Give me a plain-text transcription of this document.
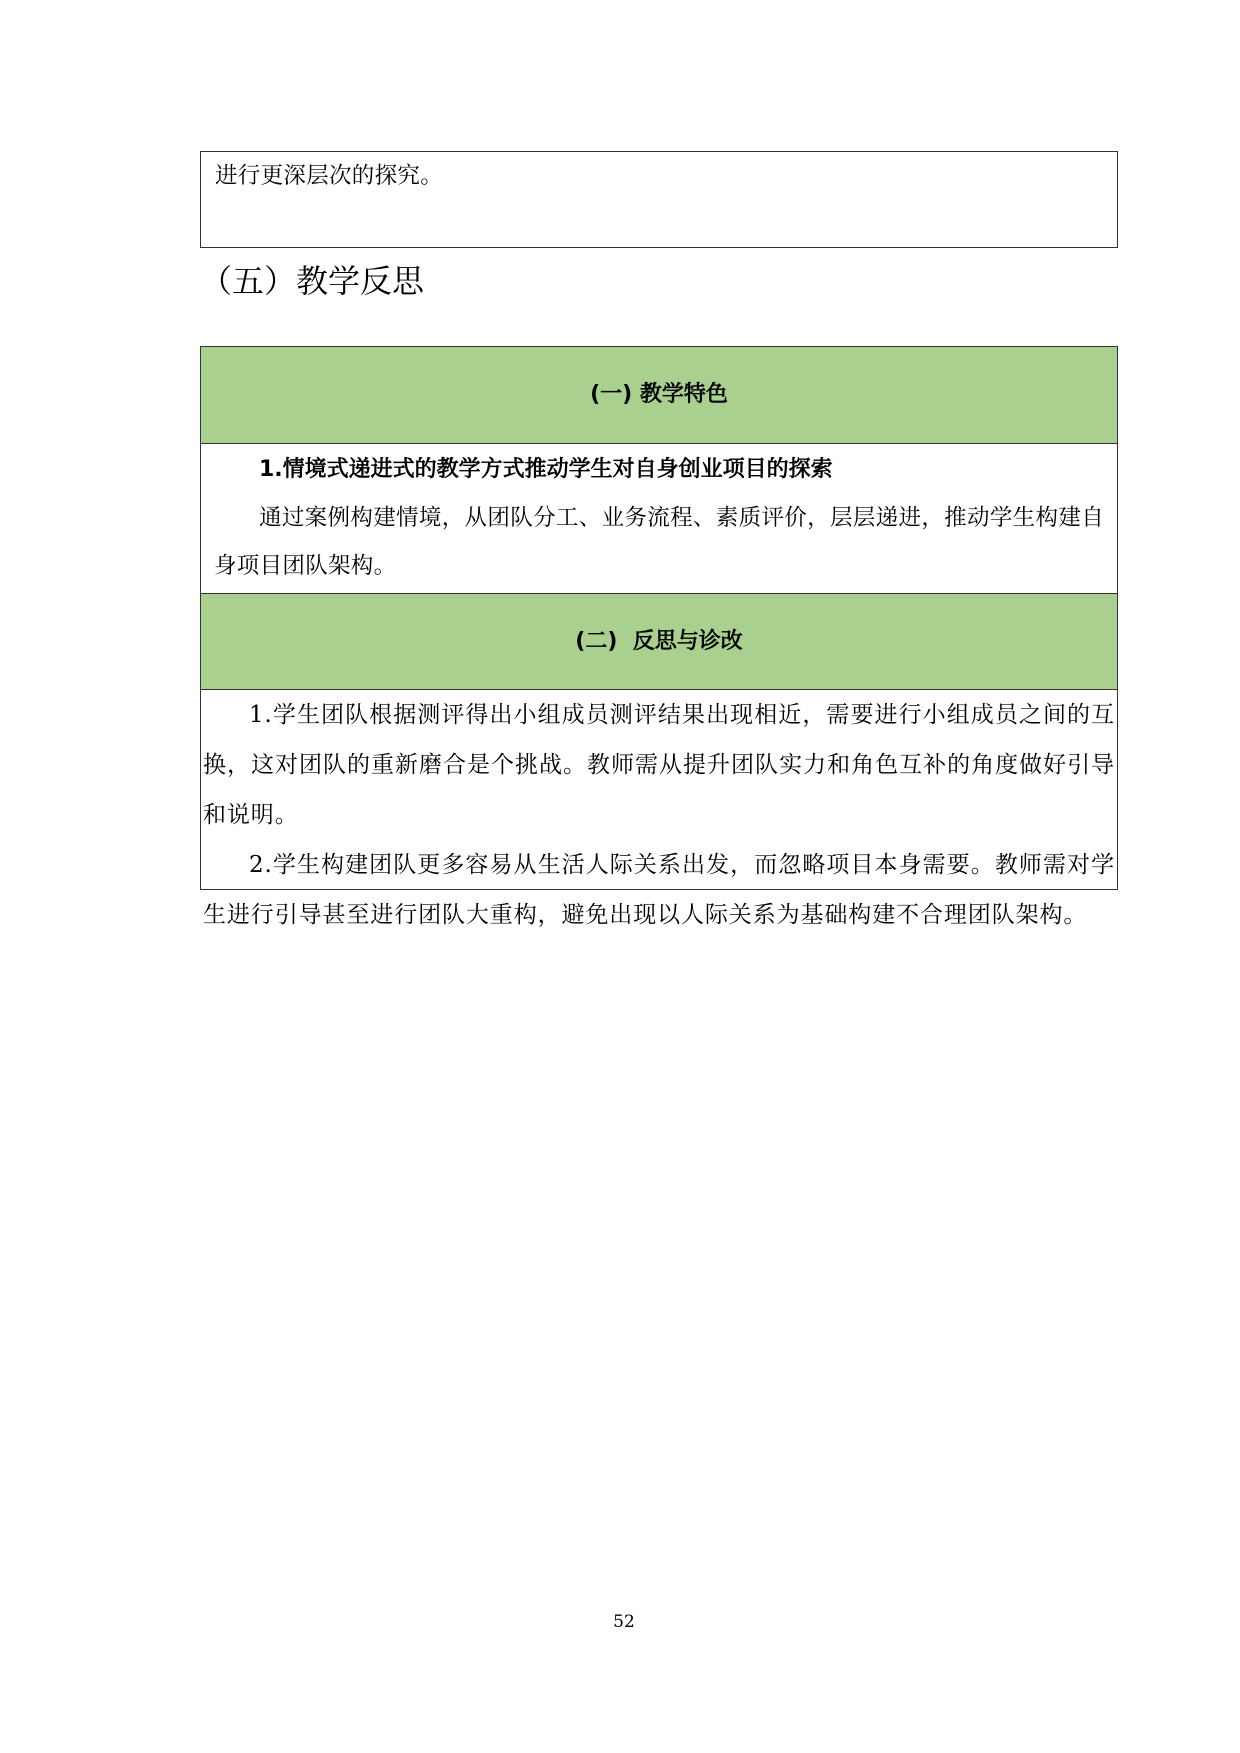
进行更深层次的探究。

（五）教学反思
(一) 教学特色

1.情境式递进式的教学方式推动学生对自身创业项目的探索

通过案例构建情境，从团队分工、业务流程、素质评价，层层递进，推动学生构建自身项目团队架构。

(二)  反思与诊改

1.学生团队根据测评得出小组成员测评结果出现相近，需要进行小组成员之间的互换，这对团队的重新磨合是个挑战。教师需从提升团队实力和角色互补的角度做好引导和说明。

2.学生构建团队更多容易从生活人际关系出发，而忽略项目本身需要。教师需对学生进行引导甚至进行团队大重构，避免出现以人际关系为基础构建不合理团队架构。

52
